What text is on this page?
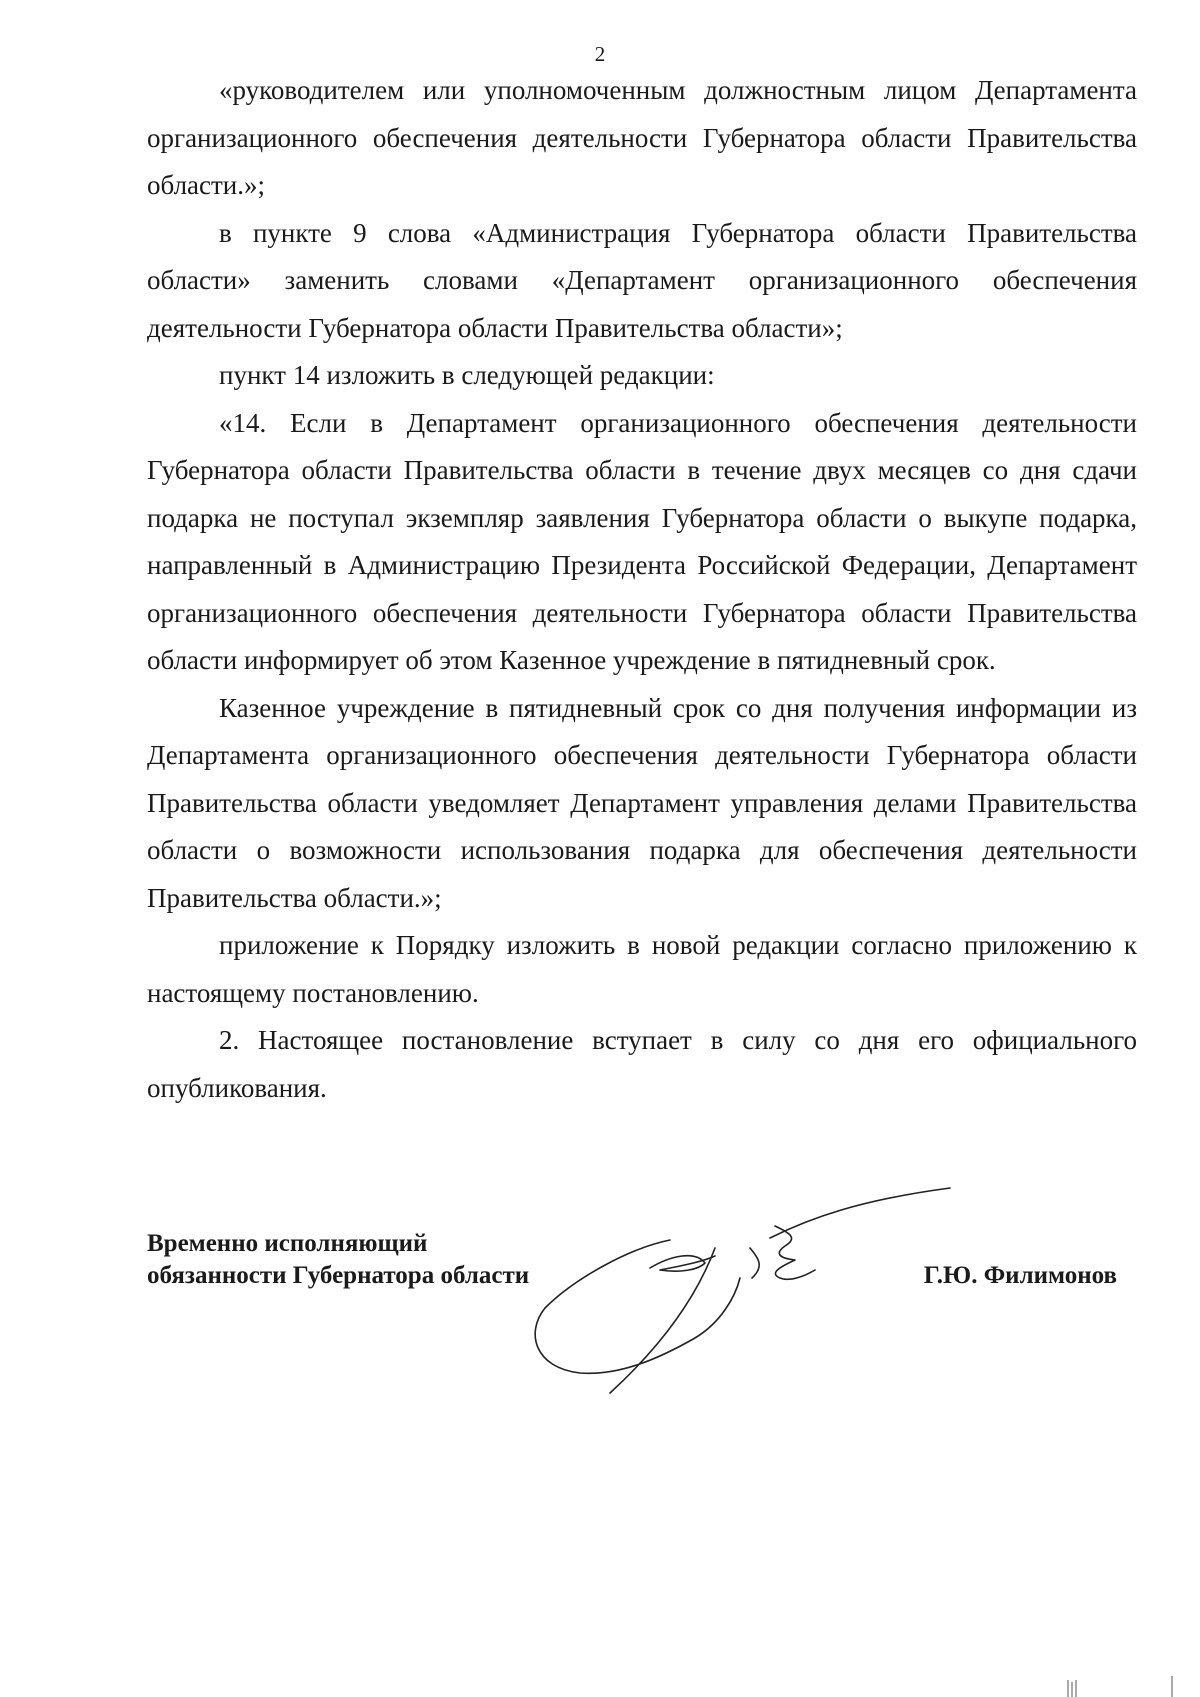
2

«руководителем или уполномоченным должностным лицом Департамента организационного обеспечения деятельности Губернатора области Правительства области.»;

в пункте 9 слова «Администрация Губернатора области Правительства области» заменить словами «Департамент организационного обеспечения деятельности Губернатора области Правительства области»;

пункт 14 изложить в следующей редакции:

«14. Если в Департамент организационного обеспечения деятельности Губернатора области Правительства области в течение двух месяцев со дня сдачи подарка не поступал экземпляр заявления Губернатора области о выкупе подарка, направленный в Администрацию Президента Российской Федерации, Департамент организационного обеспечения деятельности Губернатора области Правительства области информирует об этом Казенное учреждение в пятидневный срок.

Казенное учреждение в пятидневный срок со дня получения информации из Департамента организационного обеспечения деятельности Губернатора области Правительства области уведомляет Департамент управления делами Правительства области о возможности использования подарка для обеспечения деятельности Правительства области.»;

приложение к Порядку изложить в новой редакции согласно приложению к настоящему постановлению.

2. Настоящее постановление вступает в силу со дня его официального опубликования.

Временно исполняющий
обязанности Губернатора области	Г.Ю. Филимонов
